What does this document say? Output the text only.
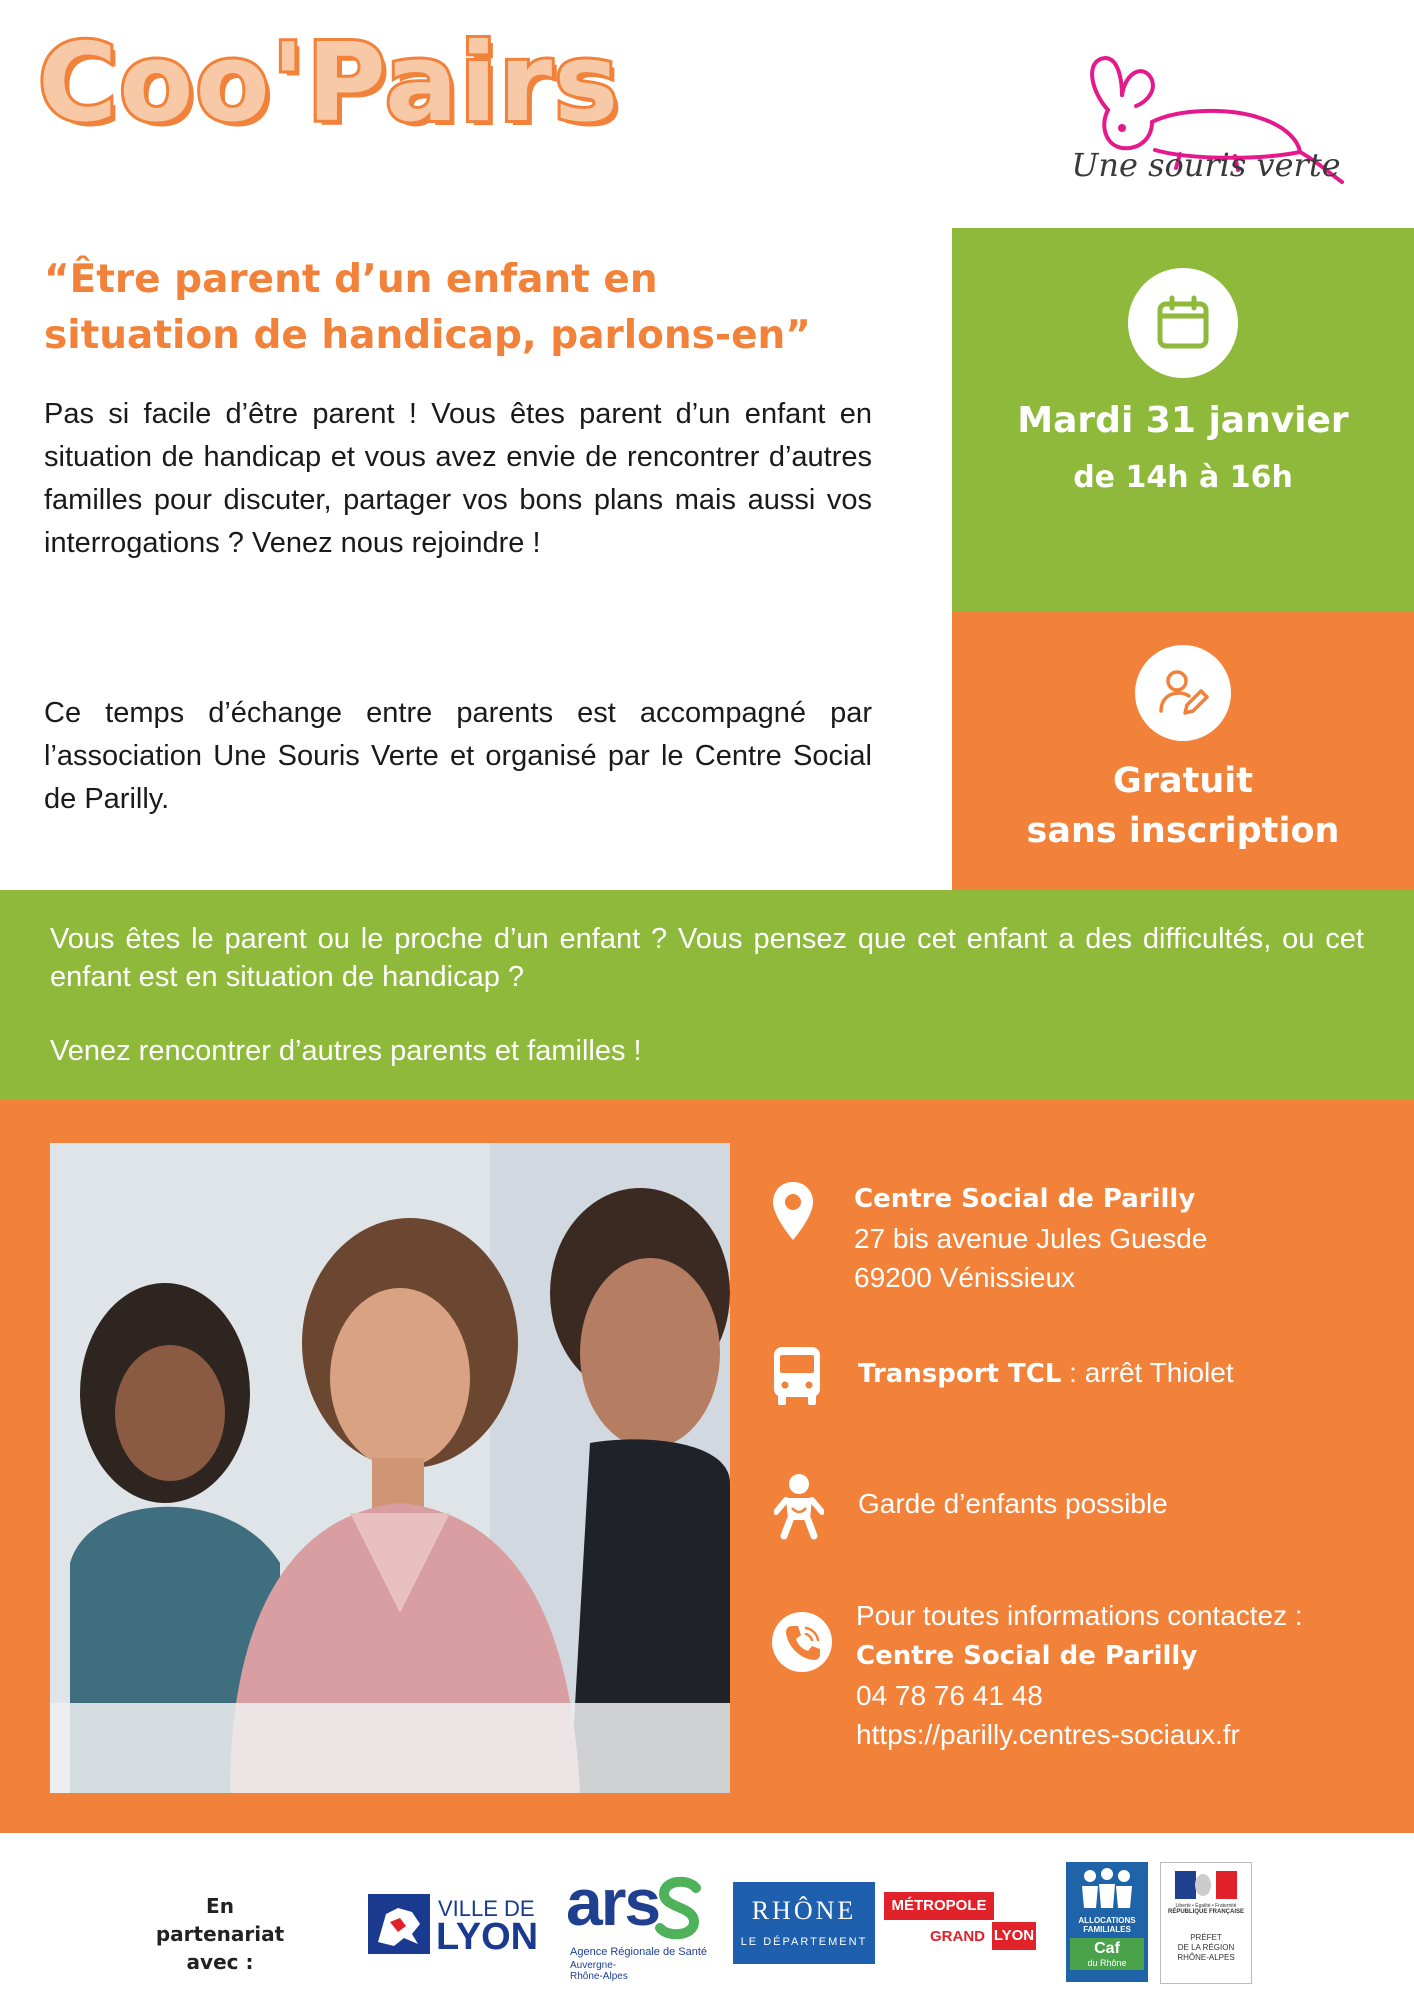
Coo'Pairs
Une souris verte
“Être parent d’un enfant en
situation de handicap, parlons-en”

Pas si facile d’être parent ! Vous êtes parent d’un enfant en situation de handicap et vous avez envie de rencontrer d’autres familles pour discuter, partager vos bons plans mais aussi vos interrogations ? Venez nous rejoindre !

Ce temps d’échange entre parents est accompagné par l’association Une Souris Verte et organisé par le Centre Social de Parilly.

Mardi 31 janvier
de 14h à 16h
Gratuit
sans inscription

Vous êtes le parent ou le proche d’un enfant ? Vous pensez que cet enfant a des difficultés, ou cet enfant est en situation de handicap ?

Venez rencontrer d’autres parents et familles !

Centre Social de Parilly
27 bis avenue Jules Guesde
69200 Vénissieux
Transport TCL : arrêt Thiolet
Garde d’enfants possible
Pour toutes informations contactez :
Centre Social de Parilly
04 78 76 41 48
https://parilly.centres-sociaux.fr
En partenariat
avec :
VILLE DE
LYON ars
Agence Régionale de Santé
Auvergne-
Rhône-Alpes
RHÔNE
LE DÉPARTEMENT
MÉTROPOLE
GRAND LYON
ALLOCATIONS
FAMILIALES
Caf
du Rhône
Liberté • Égalité • Fraternité
RÉPUBLIQUE FRANÇAISE
PRÉFET
DE LA RÉGION
RHÔNE-ALPES
